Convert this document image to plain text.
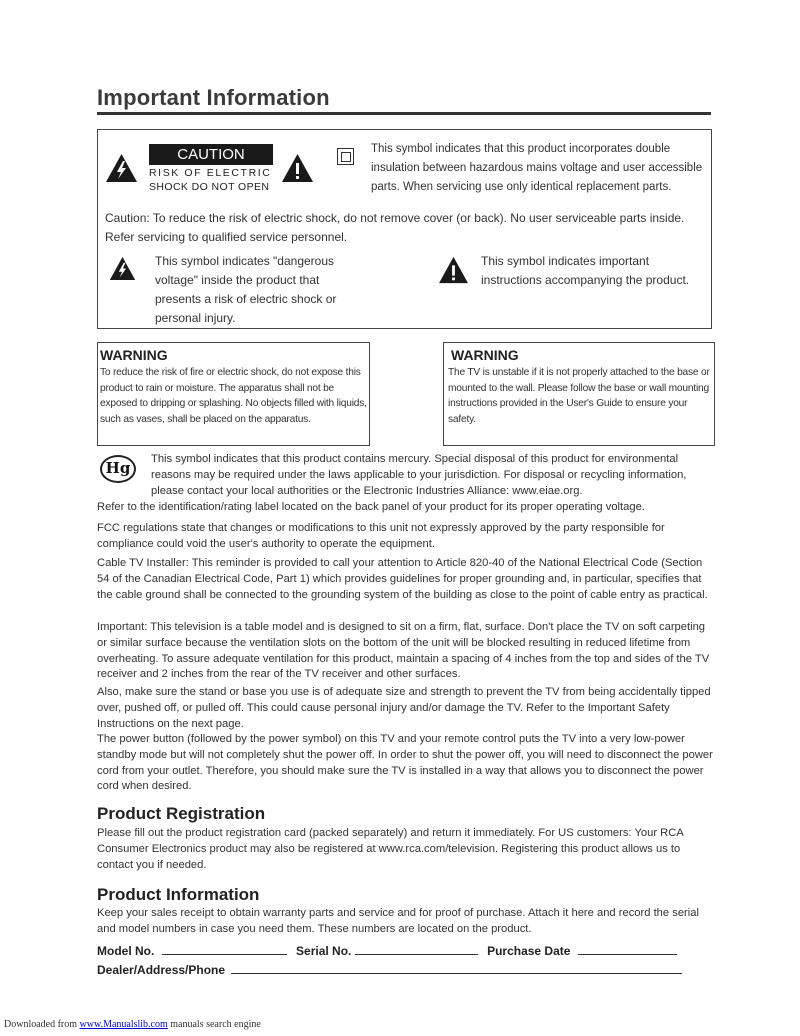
Important Information
CAUTION
RISK OF ELECTRIC
SHOCK DO NOT OPEN
This symbol indicates that this product incorporates double insulation between hazardous mains voltage and user accessible parts. When servicing use only identical replacement parts.
Caution: To reduce the risk of electric shock, do not remove cover (or back). No user serviceable parts inside. Refer servicing to qualified service personnel.
This symbol indicates "dangerous voltage" inside the product that presents a risk of electric shock or personal injury.
This symbol indicates important instructions accompanying the product.
WARNING
To reduce the risk of fire or electric shock, do not expose this product to rain or moisture. The apparatus shall not be exposed to dripping or splashing. No objects filled with liquids, such as vases, shall be placed on the apparatus.
WARNING
The TV is unstable if it is not properly attached to the base or mounted to the wall. Please follow the base or wall mounting instructions provided in the User's Guide to ensure your safety.
Hg	This symbol indicates that this product contains mercury. Special disposal of this product for environmental reasons may be required under the laws applicable to your jurisdiction. For disposal or recycling information, please contact your local authorities or the Electronic Industries Alliance: www.eiae.org.
Refer to the identification/rating label located on the back panel of your product for its proper operating voltage.
FCC regulations state that changes or modifications to this unit not expressly approved by the party responsible for compliance could void the user's authority to operate the equipment.
Cable TV Installer: This reminder is provided to call your attention to Article 820-40 of the National Electrical Code (Section 54 of the Canadian Electrical Code, Part 1) which provides guidelines for proper grounding and, in particular, specifies that the cable ground shall be connected to the grounding system of the building as close to the point of cable entry as practical.
Important: This television is a table model and is designed to sit on a firm, flat, surface. Don't place the TV on soft carpeting or similar surface because the ventilation slots on the bottom of the unit will be blocked resulting in reduced lifetime from overheating. To assure adequate ventilation for this product, maintain a spacing of 4 inches from the top and sides of the TV receiver and 2 inches from the rear of the TV receiver and other surfaces.
Also, make sure the stand or base you use is of adequate size and strength to prevent the TV from being accidentally tipped over, pushed off, or pulled off. This could cause personal injury and/or damage the TV. Refer to the Important Safety Instructions on the next page.
The power button (followed by the power symbol) on this TV and your remote control puts the TV into a very low-power standby mode but will not completely shut the power off. In order to shut the power off, you will need to disconnect the power cord from your outlet. Therefore, you should make sure the TV is installed in a way that allows you to disconnect the power cord when desired.
Product Registration
Please fill out the product registration card (packed separately) and return it immediately. For US customers: Your RCA Consumer Electronics product may also be registered at www.rca.com/television. Registering this product allows us to contact you if needed.
Product Information
Keep your sales receipt to obtain warranty parts and service and for proof of purchase. Attach it here and record the serial and model numbers in case you need them. These numbers are located on the product.
Model No.	Serial No.	Purchase Date
Dealer/Address/Phone
Downloaded from www.Manualslib.com manuals search engine
